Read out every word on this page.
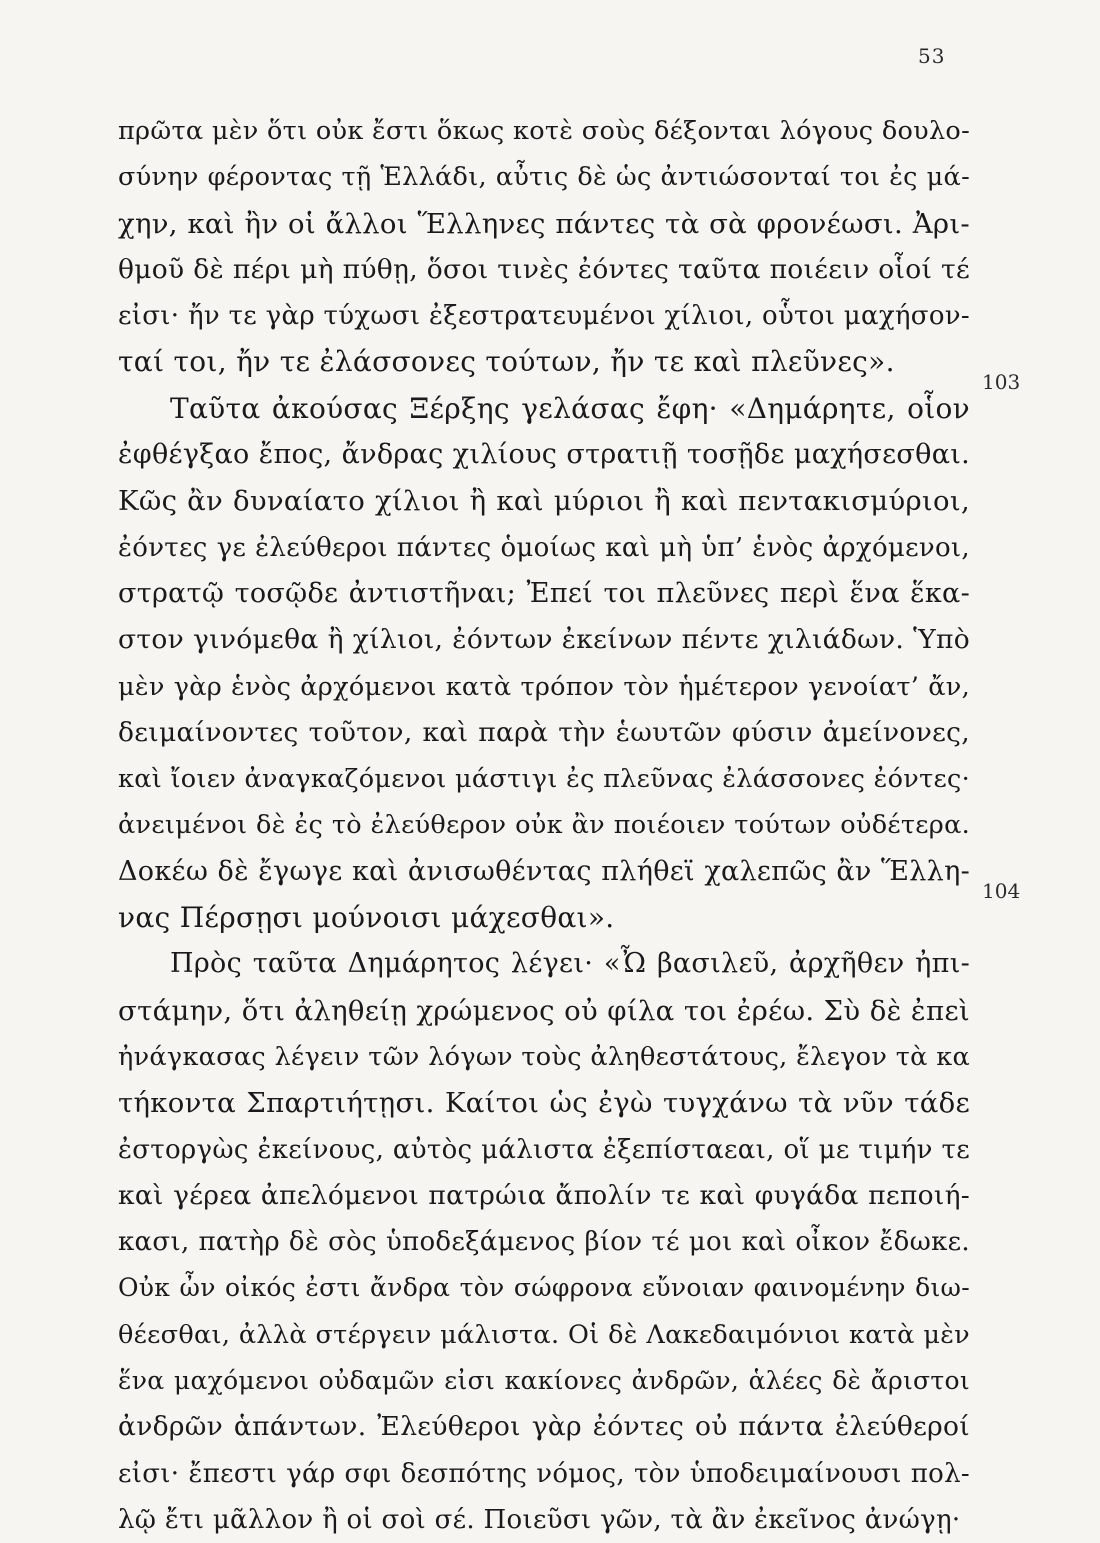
53
103
104
πρῶτα μὲν ὅτι οὐκ ἔστι ὅκως κοτὲ σοὺς δέξονται λόγους δουλο-
σύνην φέροντας τῇ Ἑλλάδι, αὖτις δὲ ὡς ἀντιώσονταί τοι ἐς μά-
χην, καὶ ἢν οἱ ἄλλοι Ἕλληνες πάντες τὰ σὰ φρονέωσι. Ἀρι-
θμοῦ δὲ πέρι μὴ πύθῃ, ὅσοι τινὲς ἐόντες ταῦτα ποιέειν οἷοί τέ
εἰσι· ἤν τε γὰρ τύχωσι ἐξεστρατευμένοι χίλιοι, οὗτοι μαχήσον-
ταί τοι, ἤν τε ἐλάσσονες τούτων, ἤν τε καὶ πλεῦνες».
Ταῦτα ἀκούσας Ξέρξης γελάσας ἔφη· «Δημάρητε, οἷον
ἐφθέγξαο ἔπος, ἄνδρας χιλίους στρατιῇ τοσῇδε μαχήσεσθαι.
Κῶς ἂν δυναίατο χίλιοι ἢ καὶ μύριοι ἢ καὶ πεντακισμύριοι,
ἐόντες γε ἐλεύθεροι πάντες ὁμοίως καὶ μὴ ὑπ’ ἑνὸς ἀρχόμενοι,
στρατῷ τοσῷδε ἀντιστῆναι; Ἐπεί τοι πλεῦνες περὶ ἕνα ἕκα-
στον γινόμεθα ἢ χίλιοι, ἐόντων ἐκείνων πέντε χιλιάδων. Ὑπὸ
μὲν γὰρ ἑνὸς ἀρχόμενοι κατὰ τρόπον τὸν ἡμέτερον γενοίατ’ ἄν,
δειμαίνοντες τοῦτον, καὶ παρὰ τὴν ἑωυτῶν φύσιν ἀμείνονες,
καὶ ἴοιεν ἀναγκαζόμενοι μάστιγι ἐς πλεῦνας ἐλάσσονες ἐόντες·
ἀνειμένοι δὲ ἐς τὸ ἐλεύθερον οὐκ ἂν ποιέοιεν τούτων οὐδέτερα.
Δοκέω δὲ ἔγωγε καὶ ἀνισωθέντας πλήθεϊ χαλεπῶς ἂν Ἕλλη-
νας Πέρσῃσι μούνοισι μάχεσθαι».
Πρὸς ταῦτα Δημάρητος λέγει· «Ὦ βασιλεῦ, ἀρχῆθεν ἠπι-
στάμην, ὅτι ἀληθείῃ χρώμενος οὐ φίλα τοι ἐρέω. Σὺ δὲ ἐπεὶ
ἠνάγκασας λέγειν τῶν λόγων τοὺς ἀληθεστάτους, ἔλεγον τὰ κα
τήκοντα Σπαρτιήτῃσι. Καίτοι ὡς ἐγὼ τυγχάνω τὰ νῦν τάδε
ἐστοργὼς ἐκείνους, αὐτὸς μάλιστα ἐξεπίσταεαι, οἵ με τιμήν τε
καὶ γέρεα ἀπελόμενοι πατρώια ἄπολίν τε καὶ φυγάδα πεποιή-
κασι, πατὴρ δὲ σὸς ὑποδεξάμενος βίον τέ μοι καὶ οἶκον ἔδωκε.
Οὐκ ὦν οἰκός ἐστι ἄνδρα τὸν σώφρονα εὔνοιαν φαινομένην διω-
θέεσθαι, ἀλλὰ στέργειν μάλιστα. Οἱ δὲ Λακεδαιμόνιοι κατὰ μὲν
ἕνα μαχόμενοι οὐδαμῶν εἰσι κακίονες ἀνδρῶν, ἁλέες δὲ ἄριστοι
ἀνδρῶν ἁπάντων. Ἐλεύθεροι γὰρ ἐόντες οὐ πάντα ἐλεύθεροί
εἰσι· ἔπεστι γάρ σφι δεσπότης νόμος, τὸν ὑποδειμαίνουσι πολ-
λῷ ἔτι μᾶλλον ἢ οἱ σοὶ σέ. Ποιεῦσι γῶν, τὰ ἂν ἐκεῖνος ἀνώγῃ·
